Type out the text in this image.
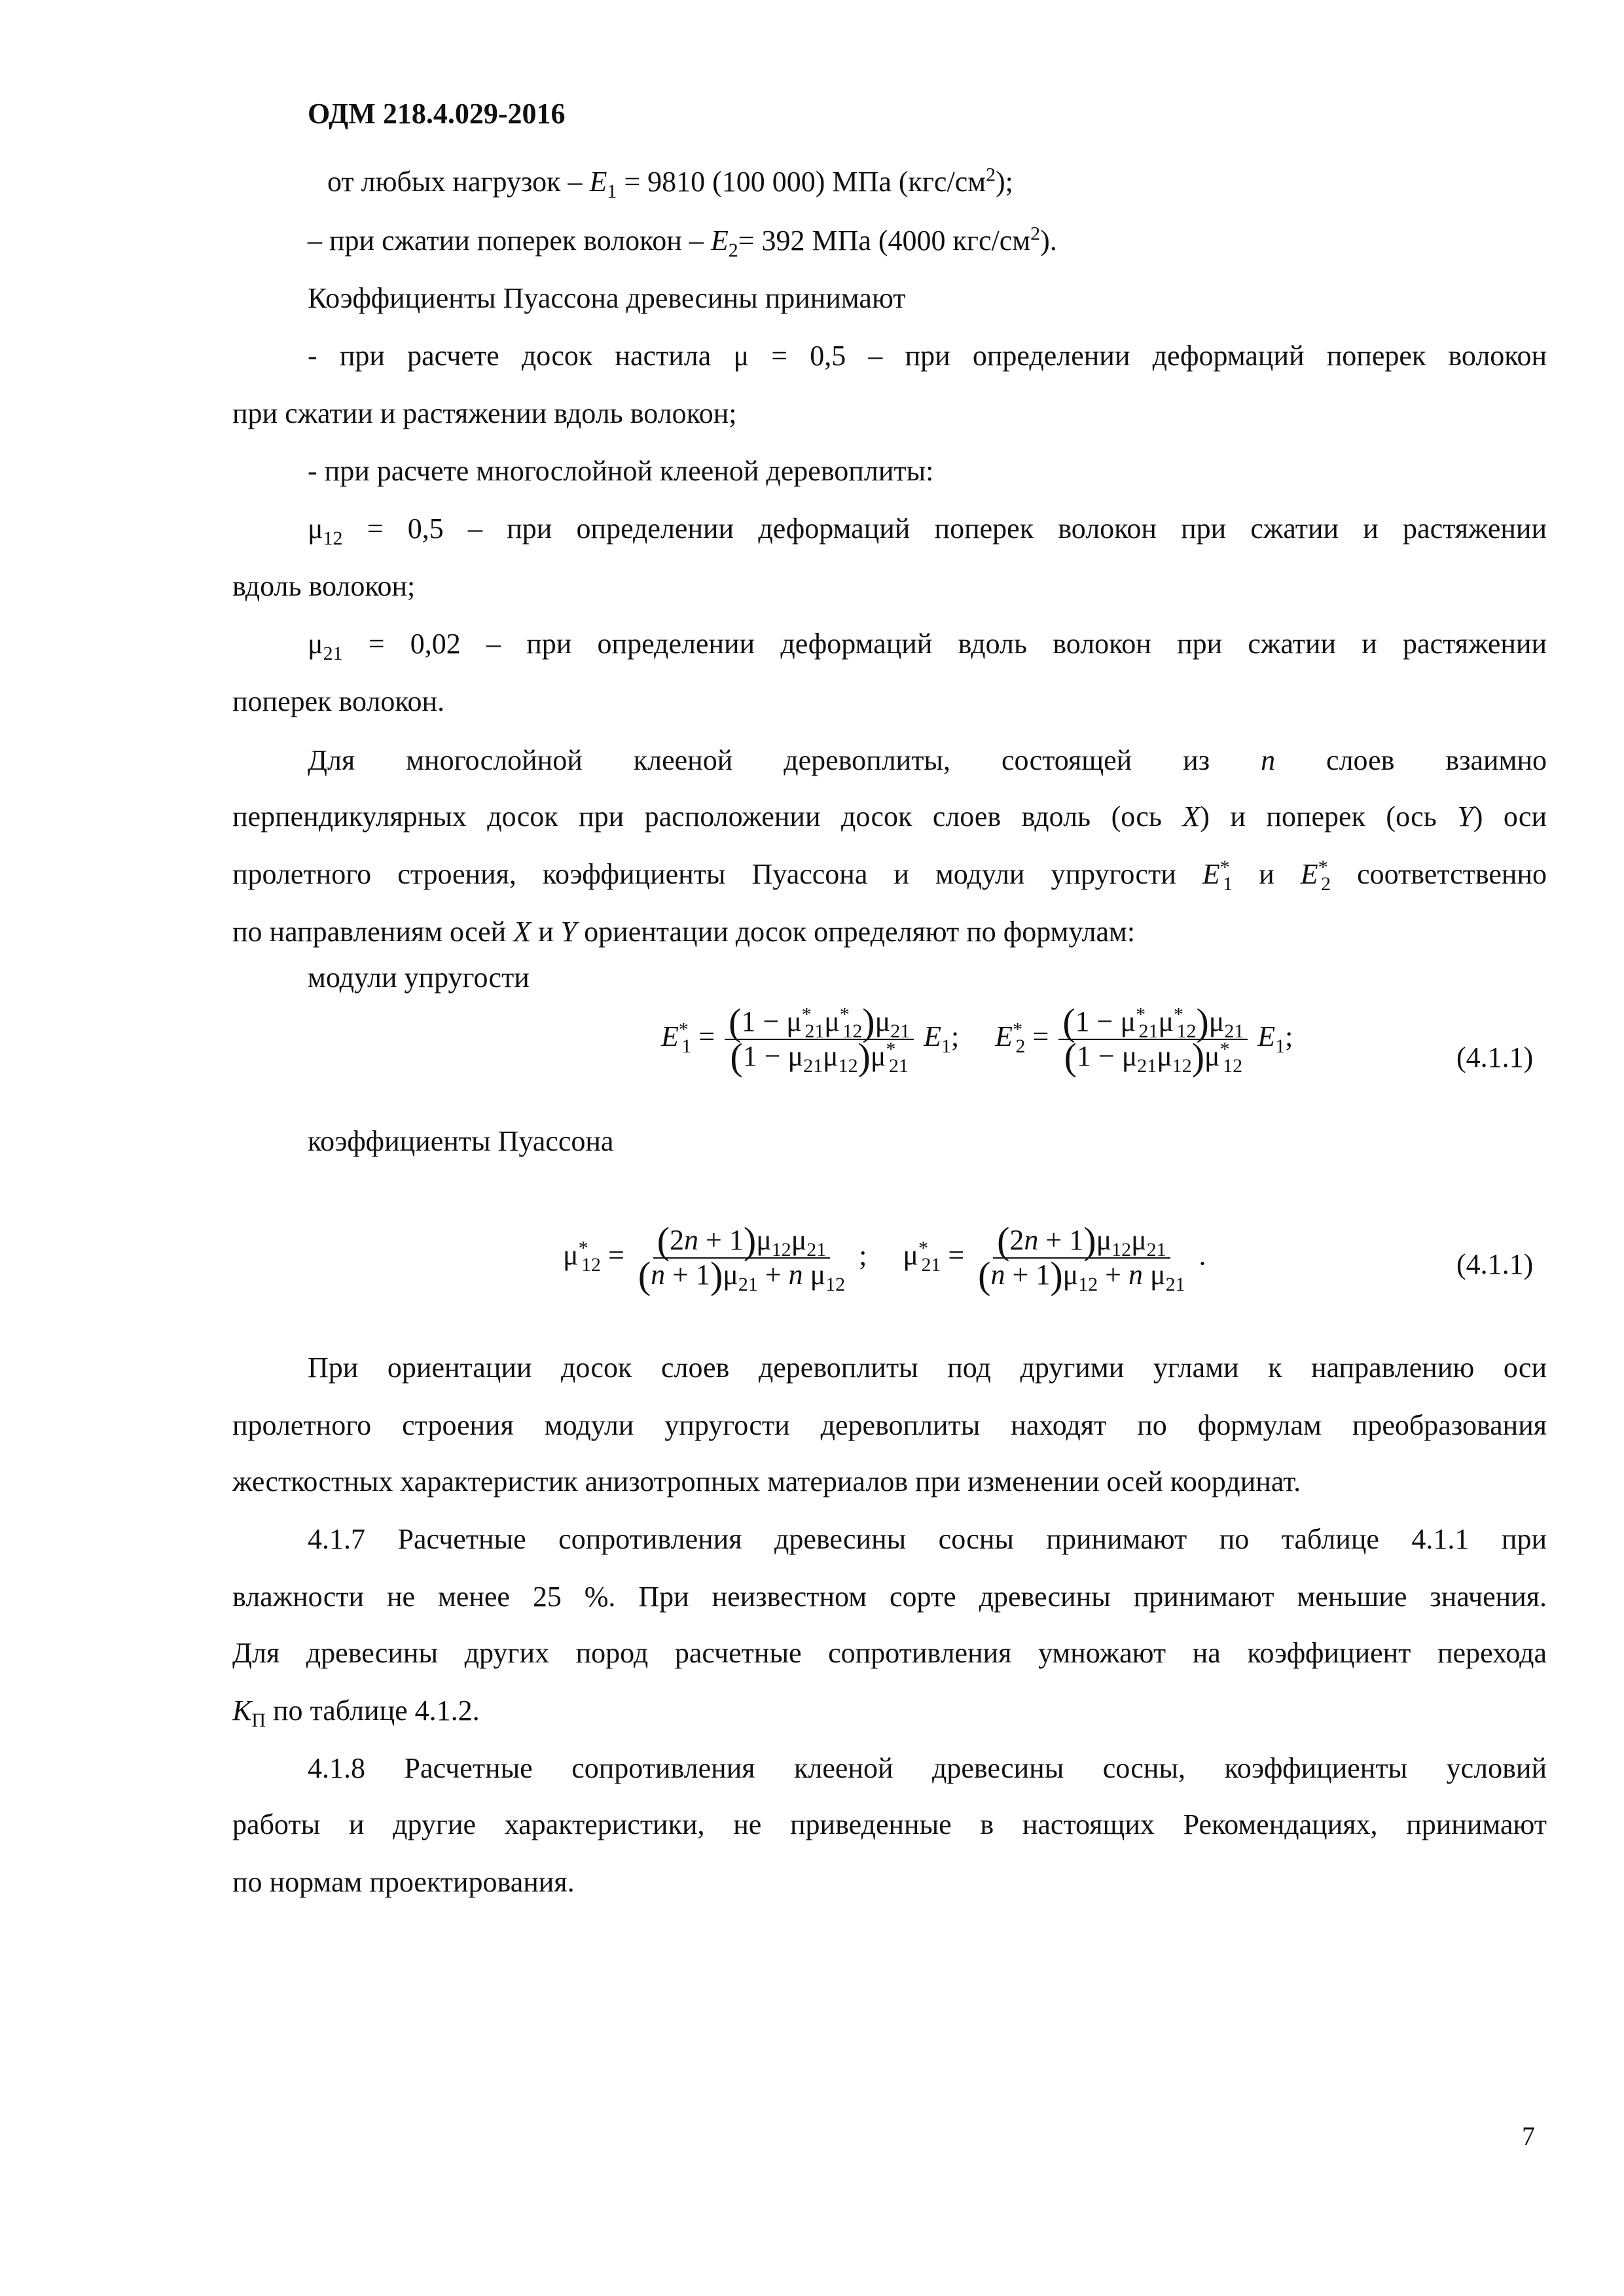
ОДМ 218.4.029-2016
от любых нагрузок – $E_1 = 9810$ (100 000) МПа $(кгс/см^2)$;
– при сжатии поперек волокон – $E_2= 392$ МПа (4000 кгс/$см^2$).
Коэффициенты Пуассона древесины принимают
- при расчете досок настила μ = 0,5 – при определении деформаций поперек волокон
при сжатии и растяжении вдоль волокон;
- при расчете многослойной клееной деревоплиты:
$\mu_{12} = 0,5$ – при определении деформаций поперек волокон при сжатии и растяжении
вдоль волокон;
$\mu_{21} = 0,02$ – при определении деформаций вдоль волокон при сжатии и растяжении
поперек волокон.
Для многослойной клееной деревоплиты, состоящей из n слоев взаимно
перпендикулярных досок при расположении досок слоев вдоль (ось X) и поперек (ось Y) оси
пролетного строения, коэффициенты Пуассона и модули упругости $E^*_1$ и $E^*_2$ соответственно
по направлениям осей X и Y ориентации досок определяют по формулам:
модули упругости
$E^*_1 = \frac{(1 - \mu^*_{21}\mu^*_{12})\mu_{21}}{(1 - \mu_{21}\mu_{12})\mu^*_{21}} E_1$;     $E^*_2 = \frac{(1 - \mu^*_{21}\mu^*_{12})\mu_{21}}{(1 - \mu_{21}\mu_{12})\mu^*_{12}} E_1$;
(4.1.1)
коэффициенты Пуассона
$\mu^*_{12} = \frac{(2n + 1)\mu_{12}\mu_{21}}{(n + 1)\mu_{21} + n \mu_{12}}$ ;     $\mu^*_{21} = \frac{(2n + 1)\mu_{12}\mu_{21}}{(n + 1)\mu_{12} + n \mu_{21}}$ .	(4.1.1)
При ориентации досок слоев деревоплиты под другими углами к направлению оси
пролетного строения модули упругости деревоплиты находят по формулам преобразования
жесткостных характеристик анизотропных материалов при изменении осей координат.
4.1.7 Расчетные сопротивления древесины сосны принимают по таблице 4.1.1 при
влажности не менее 25 %. При неизвестном сорте древесины принимают меньшие значения.
Для древесины других пород расчетные сопротивления умножают на коэффициент перехода
$K_П$ по таблице 4.1.2.
4.1.8 Расчетные сопротивления клееной древесины сосны, коэффициенты условий
работы и другие характеристики, не приведенные в настоящих Рекомендациях, принимают
по нормам проектирования.
7
